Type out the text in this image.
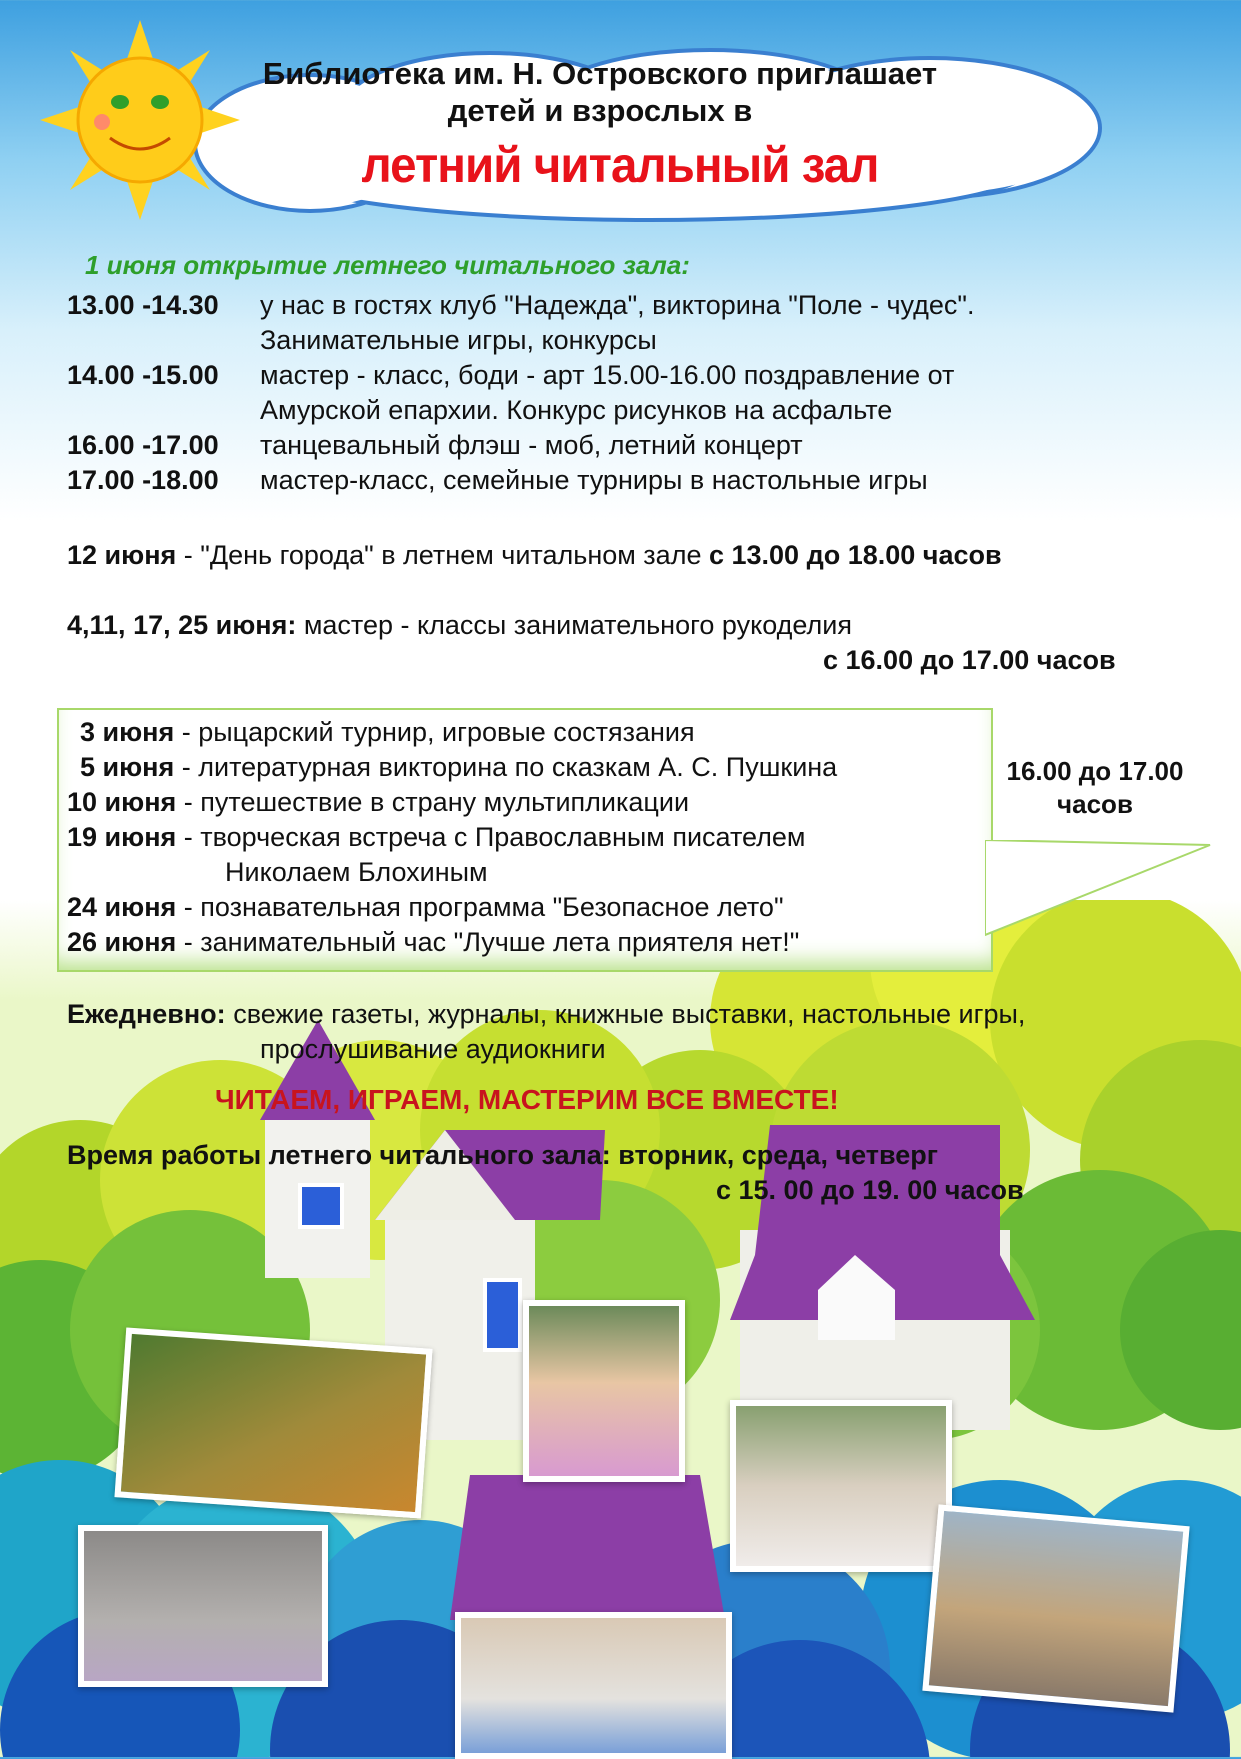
Библиотека им. Н. Островского приглашает
детей и взрослых в
летний читальный зал
1 июня открытие летнего читального зала:
13.00 -14.30 у нас в гостях клуб "Надежда", викторина "Поле - чудес".
Занимательные игры, конкурсы
14.00 -15.00 мастер - класс, боди - арт 15.00-16.00 поздравление от
Амурской епархии. Конкурс рисунков на асфальте
16.00 -17.00 танцевальный флэш - моб, летний концерт
17.00 -18.00 мастер-класс, семейные турниры в настольные игры
12 июня - "День города" в летнем читальном зале с 13.00 до 18.00 часов
4,11, 17, 25 июня: мастер - классы занимательного рукоделия
с 16.00 до 17.00 часов
3 июня - рыцарский турнир, игровые состязания
5 июня - литературная викторина по сказкам А. С. Пушкина
10 июня - путешествие в страну мультипликации
19 июня - творческая встреча с Православным писателем
Николаем Блохиным
24 июня - познавательная программа "Безопасное лето"
26 июня - занимательный час "Лучше лета приятеля нет!"
16.00 до 17.00
часов
Ежедневно: свежие газеты, журналы, книжные выставки, настольные игры,
прослушивание аудиокниги
ЧИТАЕМ, ИГРАЕМ, МАСТЕРИМ ВСЕ ВМЕСТЕ!
Время работы летнего читального зала: вторник, среда, четверг
с 15. 00 до 19. 00 часов
